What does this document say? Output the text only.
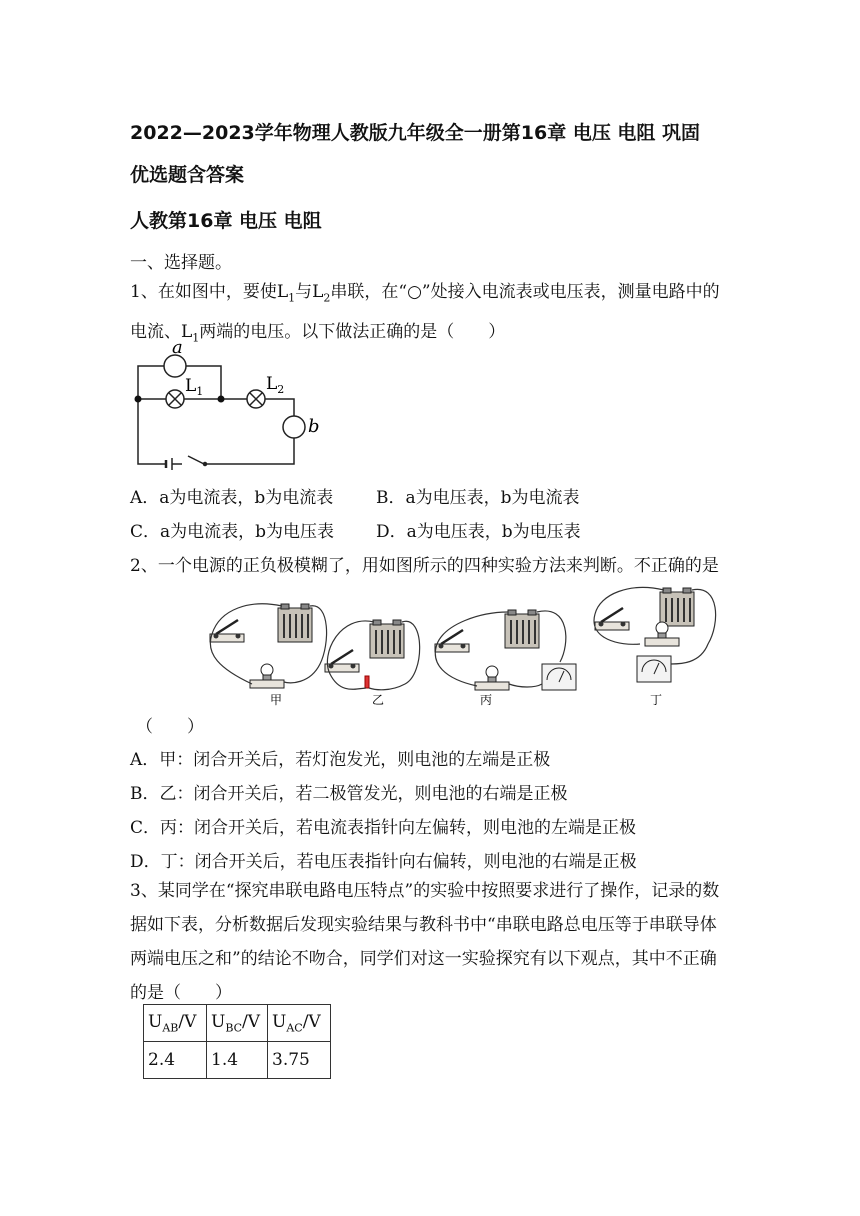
2022—2023学年物理人教版九年级全一册第16章 电压 电阻 巩固
优选题含答案
人教第16章 电压 电阻
一、选择题。
1、在如图中，要使$L_1$与$L_2$串联，在“○”处接入电流表或电压表，测量电路中的电流、$L_1$两端的电压。以下做法正确的是（　　）
a
$L_1$	$L_2$
b
A．a为电流表，b为电流表	B．a为电压表，b为电流表
C．a为电流表，b为电压表 D．a为电压表，b为电压表
2、一个电源的正负极模糊了，用如图所示的四种实验方法来判断。不正确的是
甲	乙	丙	丁
（　　）
A．甲：闭合开关后，若灯泡发光，则电池的左端是正极
B．乙：闭合开关后，若二极管发光，则电池的右端是正极
C．丙：闭合开关后，若电流表指针向左偏转，则电池的左端是正极
D．丁：闭合开关后，若电压表指针向右偏转，则电池的右端是正极
3、某同学在“探究串联电路电压特点”的实验中按照要求进行了操作，记录的数据如下表，分析数据后发现实验结果与教科书中“串联电路总电压等于串联导体两端电压之和”的结论不吻合，同学们对这一实验探究有以下观点，其中不正确的是（　　）
$U_{AB}/V$	$U_{BC}/V$	$U_{AC}/V$
2.4	1.4	3.75
